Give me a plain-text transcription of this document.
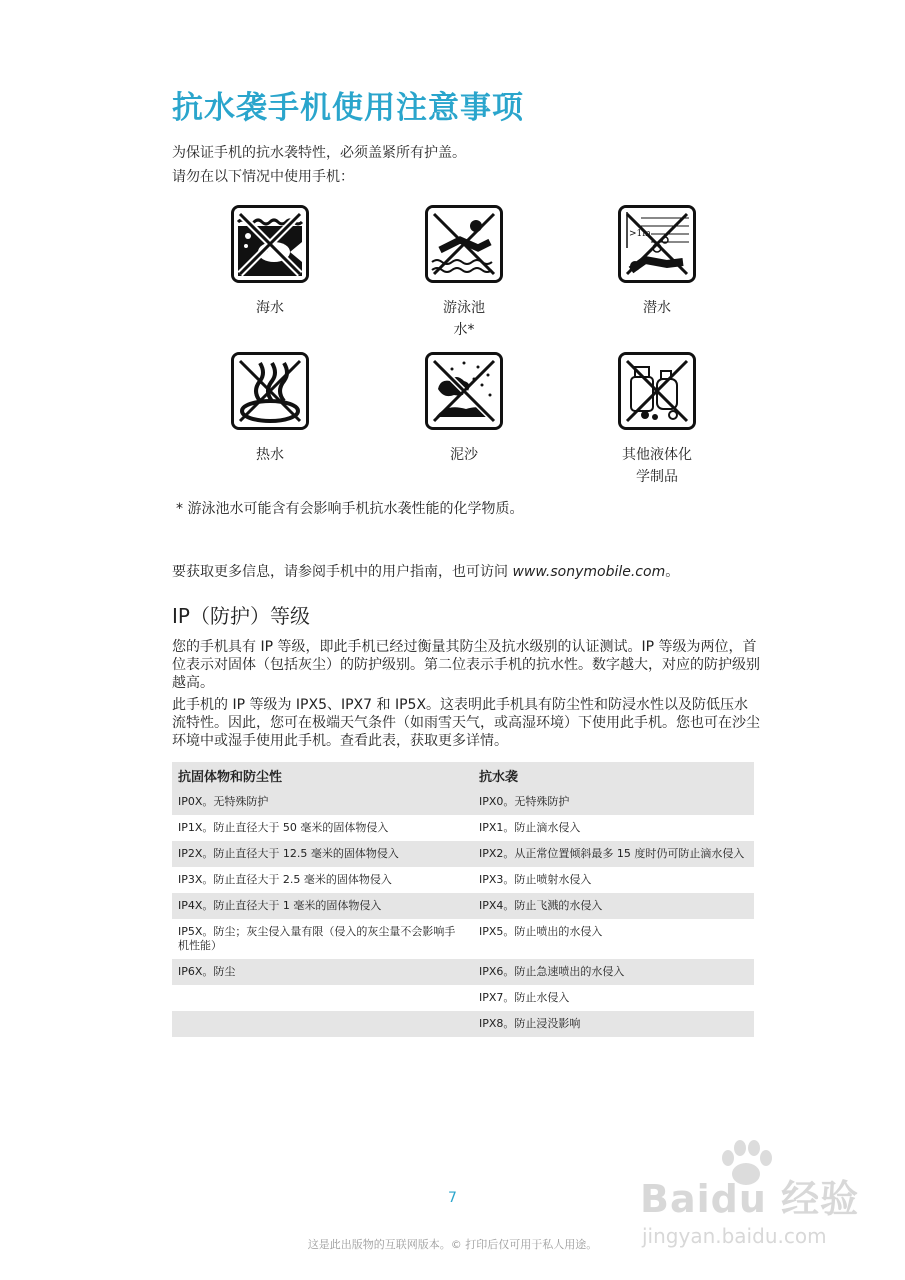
抗水袭手机使用注意事项
为保证手机的抗水袭特性，必须盖紧所有护盖。
请勿在以下情况中使用手机：
海水	游泳池水*
>1m
潜水
热水	泥沙	其他液体化学制品
* 游泳池水可能含有会影响手机抗水袭性能的化学物质。
要获取更多信息，请参阅手机中的用户指南，也可访问 www.sonymobile.com。
IP（防护）等级
您的手机具有 IP 等级，即此手机已经过衡量其防尘及抗水级别的认证测试。IP 等级为两位，首位表示对固体（包括灰尘）的防护级别。第二位表示手机的抗水性。数字越大，对应的防护级别越高。
此手机的 IP 等级为 IPX5、IPX7 和 IP5X。这表明此手机具有防尘性和防浸水性以及防低压水流特性。因此，您可在极端天气条件（如雨雪天气，或高湿环境）下使用此手机。您也可在沙尘环境中或湿手使用此手机。查看此表，获取更多详情。
抗固体物和防尘性	抗水袭
IP0X。无特殊防护	IPX0。无特殊防护
IP1X。防止直径大于 50 毫米的固体物侵入	IPX1。防止滴水侵入
IP2X。防止直径大于 12.5 毫米的固体物侵入	IPX2。从正常位置倾斜最多 15 度时仍可防止滴水侵入
IP3X。防止直径大于 2.5 毫米的固体物侵入	IPX3。防止喷射水侵入
IP4X。防止直径大于 1 毫米的固体物侵入	IPX4。防止飞溅的水侵入
IP5X。防尘；灰尘侵入量有限（侵入的灰尘量不会影响手机性能）	IPX5。防止喷出的水侵入
IP6X。防尘	IPX6。防止急速喷出的水侵入
	IPX7。防止水侵入
	IPX8。防止浸没影响
7	Baidu 经验
jingyan.baidu.com
这是此出版物的互联网版本。© 打印后仅可用于私人用途。
